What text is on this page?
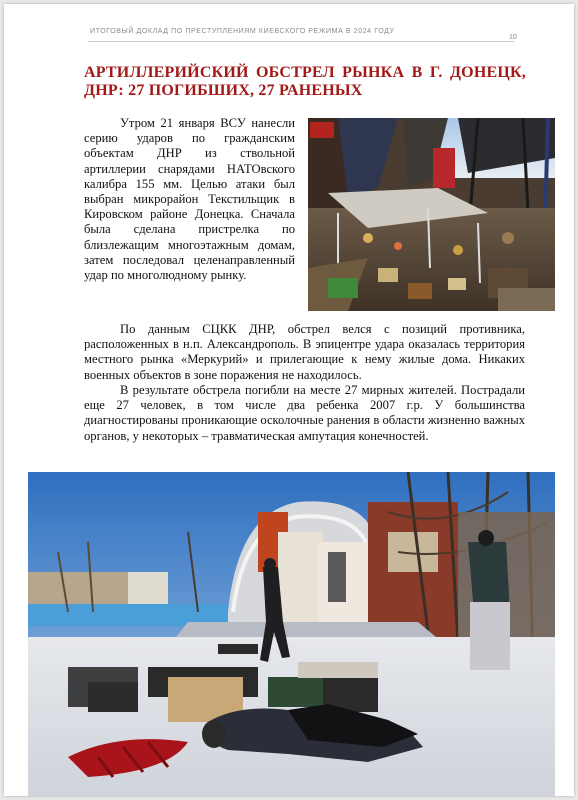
ИТОГОВЫЙ ДОКЛАД ПО ПРЕСТУПЛЕНИЯМ КИЕВСКОГО РЕЖИМА В 2024 ГОДУ
10
АРТИЛЛЕРИЙСКИЙ ОБСТРЕЛ РЫНКА В Г. ДОНЕЦК, ДНР: 27 ПОГИБШИХ, 27 РАНЕНЫХ

Утром 21 января ВСУ нанесли серию ударов по гражданским объектам ДНР из ствольной артиллерии снарядами НАТОвского калибра 155 мм. Целью атаки был выбран микрорайон Текстильщик в Кировском районе Донецка. Сначала была сделана пристрелка по близлежащим многоэтажным домам, затем последовал целенаправленный удар по многолюдному рынку.

По данным СЦКК ДНР, обстрел велся с позиций противника, расположенных в н.п. Александрополь. В эпицентре удара оказалась территория местного рынка «Меркурий» и прилегающие к нему жилые дома. Никаких военных объектов в зоне поражения не находилось.

В результате обстрела погибли на месте 27 мирных жителей. Пострадали еще 27 человек, в том числе два ребенка 2007 г.р. У большинства диагностированы проникающие осколочные ранения в области жизненно важных органов, у некоторых – травматическая ампутация конечностей.
